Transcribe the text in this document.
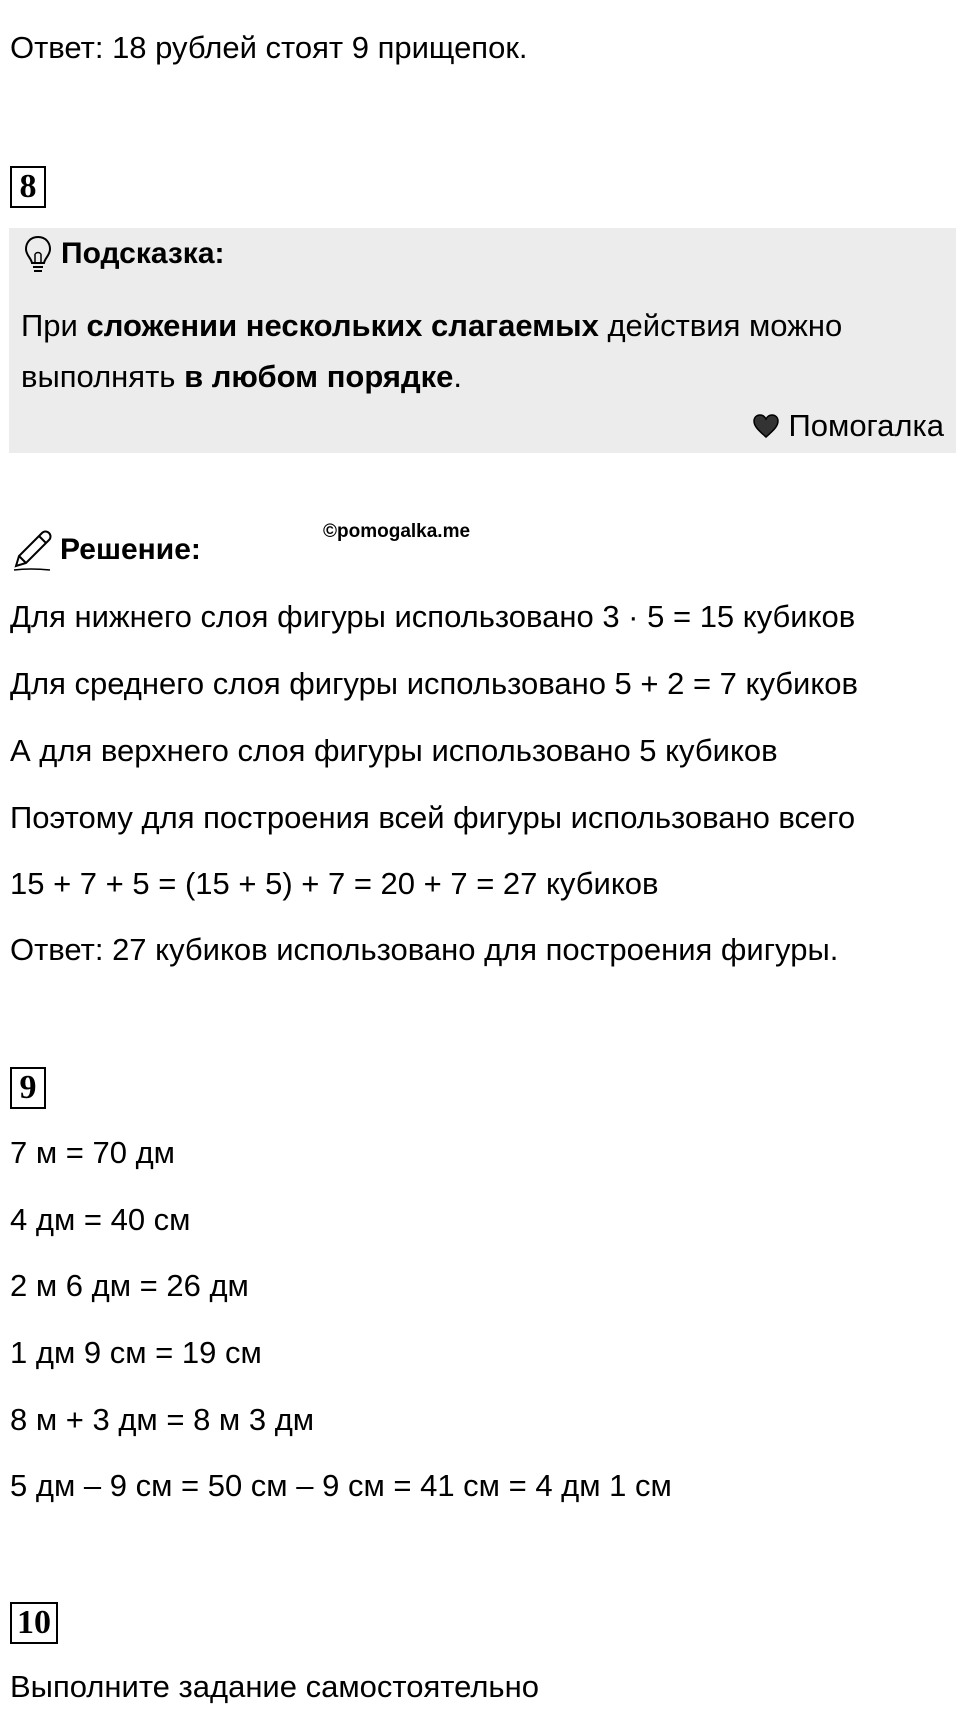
Ответ: 18 рублей стоят 9 прищепок.
8
Подсказка:
При сложении нескольких слагаемых действия можно выполнять в любом порядке.
Помогалка
Решение:
©pomogalka.me
Для нижнего слоя фигуры использовано 3 · 5 = 15 кубиков
Для среднего слоя фигуры использовано 5 + 2 = 7 кубиков
А для верхнего слоя фигуры использовано 5 кубиков
Поэтому для построения всей фигуры использовано всего
15 + 7 + 5 = (15 + 5) + 7 = 20 + 7 = 27 кубиков
Ответ: 27 кубиков использовано для построения фигуры.
9
7 м = 70 дм
4 дм = 40 см
2 м 6 дм = 26 дм
1 дм 9 см = 19 см
8 м + 3 дм = 8 м 3 дм
5 дм – 9 см = 50 см – 9 см = 41 см = 4 дм 1 см
10
Выполните задание самостоятельно
